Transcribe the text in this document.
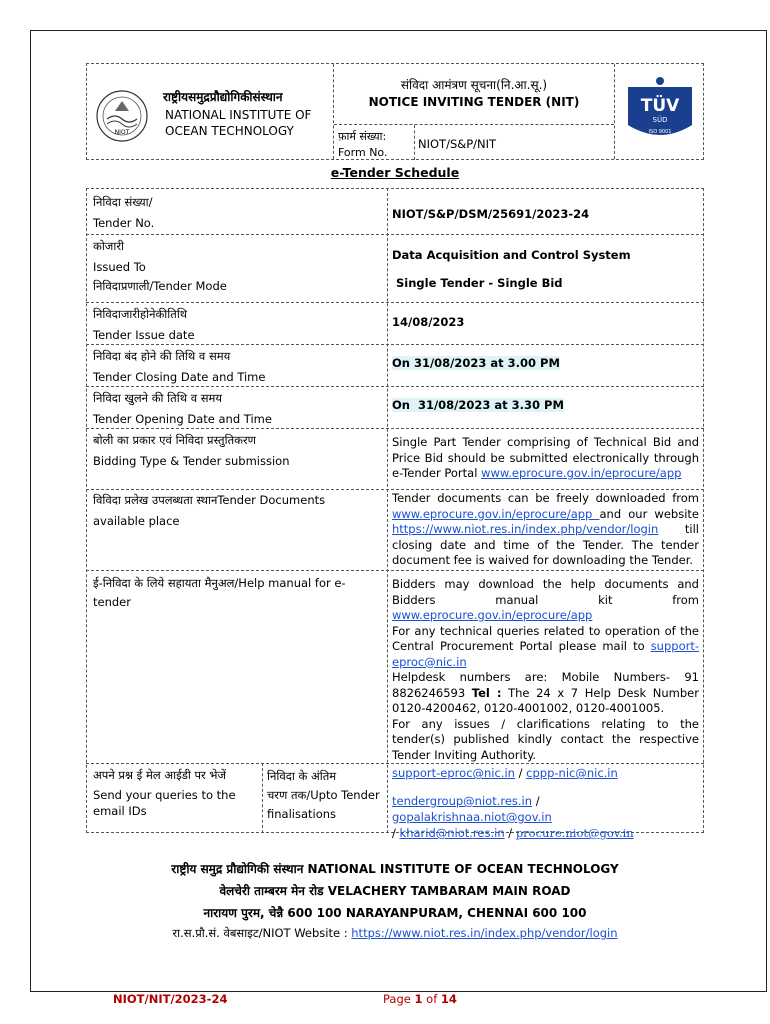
NIOT
राष्ट्रीयसमुद्रप्रौद्योगिकीसंस्थान
NATIONAL INSTITUTE OF
OCEAN TECHNOLOGY
संविदा आमंत्रण सूचना(नि.आ.सू.)
NOTICE INVITING TENDER (NIT)
फ़ार्म संख्या:
Form No.
NIOT/S&P/NIT
TÜV
SÜD
ISO 9001
e-Tender Schedule
निविदा संख्या/
Tender No.
NIOT/S&P/DSM/25691/2023-24
कोजारी
Issued To
Data Acquisition and Control System
निविदाप्रणाली/Tender Mode	Single Tender - Single Bid
निविदाजारीहोनेकीतिथि
Tender Issue date
14/08/2023
निविदा बंद होने की तिथि व समय
Tender Closing Date and Time
On 31/08/2023 at 3.00 PM
निविदा खुलने की तिथि व समय
Tender Opening Date and Time
On  31/08/2023 at 3.30 PM
बोली का प्रकार एवं निविदा प्रस्तुतिकरण
Bidding Type & Tender submission
Single Part Tender comprising of Technical Bid and Price Bid should be submitted electronically through e-Tender Portal www.eprocure.gov.in/eprocure/app
विविदा प्रलेख उपलब्धता स्थानTender Documents
available place
Tender documents can be freely downloaded from www.eprocure.gov.in/eprocure/app and our website https://www.niot.res.in/index.php/vendor/login till closing date and time of the Tender. The tender document fee is waived for downloading the Tender.
ई-निविदा के लिये सहायता मैनुअल/Help manual for e-tender
Bidders may download the help documents and Bidders manual kit from www.eprocure.gov.in/eprocure/app
For any technical queries related to operation of the Central Procurement Portal please mail to support-eproc@nic.in
Helpdesk numbers are: Mobile Numbers- 91 8826246593 Tel : The 24 x 7 Help Desk Number 0120-4200462, 0120-4001002, 0120-4001005.
For any issues / clarifications relating to the tender(s) published kindly contact the respective Tender Inviting Authority.
अपने प्रश्न ई मेल आईडी पर भेजें
Send your queries to the email IDs
निविदा के अंतिम
चरण तक/Upto Tender finalisations
support-eproc@nic.in / cppp-nic@nic.in
tendergroup@niot.res.in / gopalakrishnaa.niot@gov.in
/ kharid@niot.res.in / procure.niot@gov.in
राष्ट्रीय समुद्र प्रौद्योगिकी संस्थान NATIONAL INSTITUTE OF OCEAN TECHNOLOGY
वेलचेरी ताम्बरम मेन रोड VELACHERY TAMBARAM MAIN ROAD
नारायण पुरम, चेन्नै 600 100 NARAYANPURAM, CHENNAI 600 100
रा.स.प्रौ.सं. वेबसाइट/NIOT Website : https://www.niot.res.in/index.php/vendor/login
NIOT/NIT/2023-24	Page 1 of 14
